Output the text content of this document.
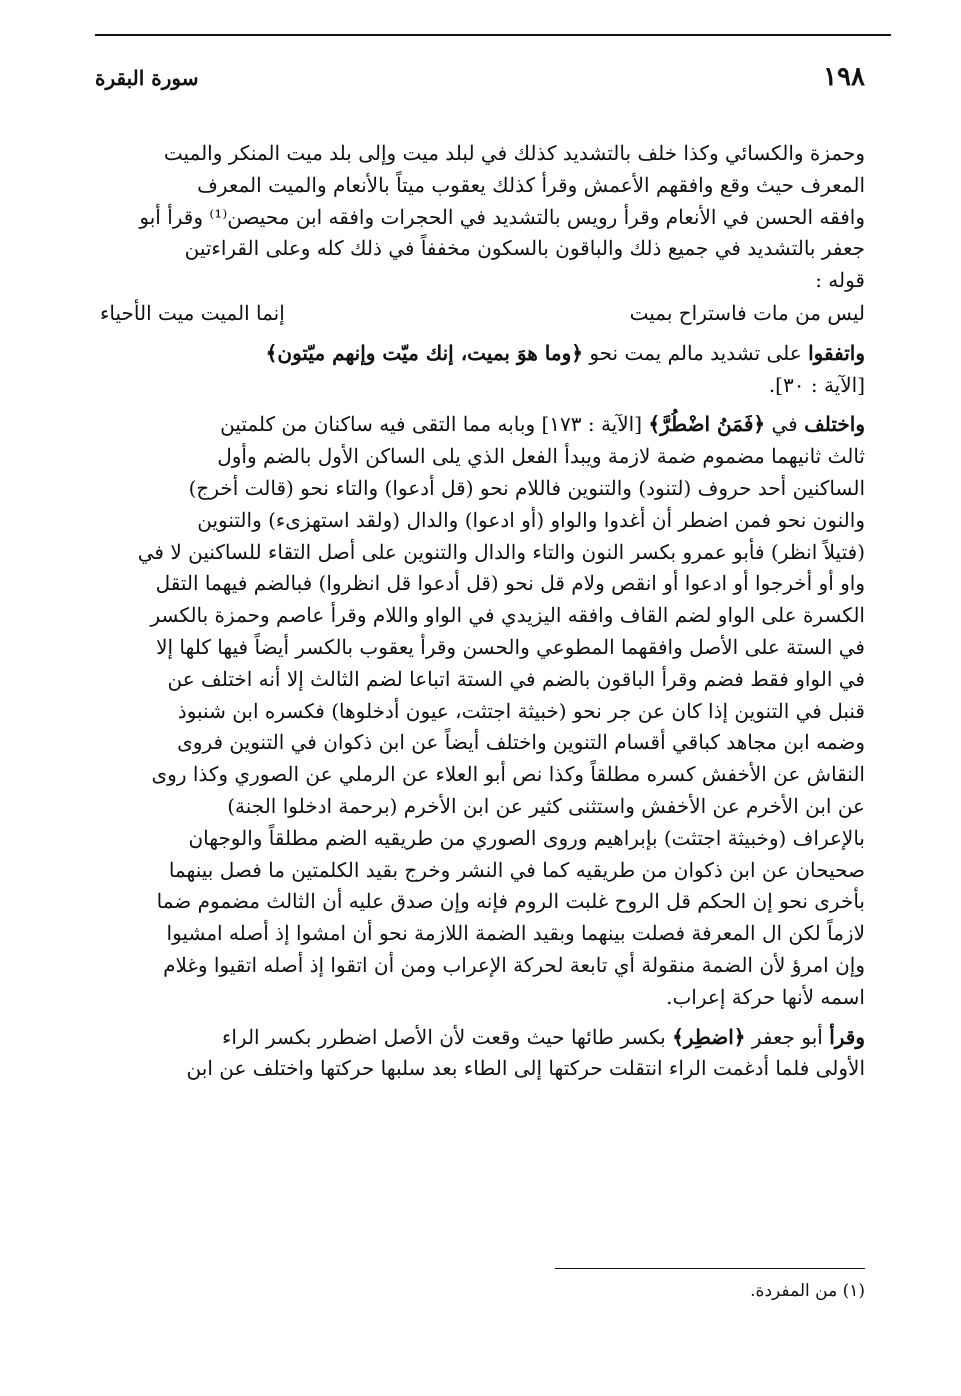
١٩٨
سورة البقرة
وحمزة والكسائي وكذا خلف بالتشديد كذلك في لبلد ميت وإلى بلد ميت المنكر والميت
المعرف حيث وقع وافقهم الأعمش وقرأ كذلك يعقوب ميتاً بالأنعام والميت المعرف
وافقه الحسن في الأنعام وقرأ رويس بالتشديد في الحجرات وافقه ابن محيصن⁽¹⁾ وقرأ أبو
جعفر بالتشديد في جميع ذلك والباقون بالسكون مخففاً في ذلك كله وعلى القراءتين
قوله :
ليس من مات فاستراح بميت
إنما الميت ميت الأحياء
واتفقوا على تشديد مالم يمت نحو ﴿وما هوَ بميت، إنك ميّت وإنهم ميّتون﴾
[الآية : ٣٠].
واختلف في ﴿فَمَنُ اضْطُرَّ﴾ [الآية : ١٧٣] وبابه مما التقى فيه ساكنان من كلمتين
ثالث ثانيهما مضموم ضمة لازمة ويبدأ الفعل الذي يلى الساكن الأول بالضم وأول
الساكنين أحد حروف (لتنود) والتنوين فاللام نحو (قل أدعوا) والتاء نحو (قالت أخرج)
والنون نحو فمن اضطر أن أغدوا والواو (أو ادعوا) والدال (ولقد استهزىء) والتنوين
(فتيلاً انظر) فأبو عمرو بكسر النون والتاء والدال والتنوين على أصل التقاء للساكنين لا في
واو أو أخرجوا أو ادعوا أو انقص ولام قل نحو (قل أدعوا قل انظروا) فبالضم فيهما التقل
الكسرة على الواو لضم القاف وافقه اليزيدي في الواو واللام وقرأ عاصم وحمزة بالكسر
في الستة على الأصل وافقهما المطوعي والحسن وقرأ يعقوب بالكسر أيضاً فيها كلها إلا
في الواو فقط فضم وقرأ الباقون بالضم في الستة اتباعا لضم الثالث إلا أنه اختلف عن
قنبل في التنوين إذا كان عن جر نحو (خبيثة اجتثت، عيون أدخلوها) فكسره ابن شنبوذ
وضمه ابن مجاهد كباقي أقسام التنوين واختلف أيضاً عن ابن ذكوان في التنوين فروى
النقاش عن الأخفش كسره مطلقاً وكذا نص أبو العلاء عن الرملي عن الصوري وكذا روى
عن ابن الأخرم عن الأخفش واستثنى كثير عن ابن الأخرم (برحمة ادخلوا الجنة)
بالإعراف (وخبيثة اجتثت) بإبراهيم وروى الصوري من طريقيه الضم مطلقاً والوجهان
صحيحان عن ابن ذكوان من طريقيه كما في النشر وخرج بقيد الكلمتين ما فصل بينهما
بأخرى نحو إن الحكم قل الروح غلبت الروم فإنه وإن صدق عليه أن الثالث مضموم ضما
لازماً لكن ال المعرفة فصلت بينهما وبقيد الضمة اللازمة نحو أن امشوا إذ أصله امشيوا
وإن امرؤ لأن الضمة منقولة أي تابعة لحركة الإعراب ومن أن اتقوا إذ أصله اتقيوا وغلام
اسمه لأنها حركة إعراب.
وقرأ أبو جعفر ﴿اضطِر﴾ بكسر طائها حيث وقعت لأن الأصل اضطرر بكسر الراء
الأولى فلما أدغمت الراء انتقلت حركتها إلى الطاء بعد سلبها حركتها واختلف عن ابن
(١) من المفردة.
